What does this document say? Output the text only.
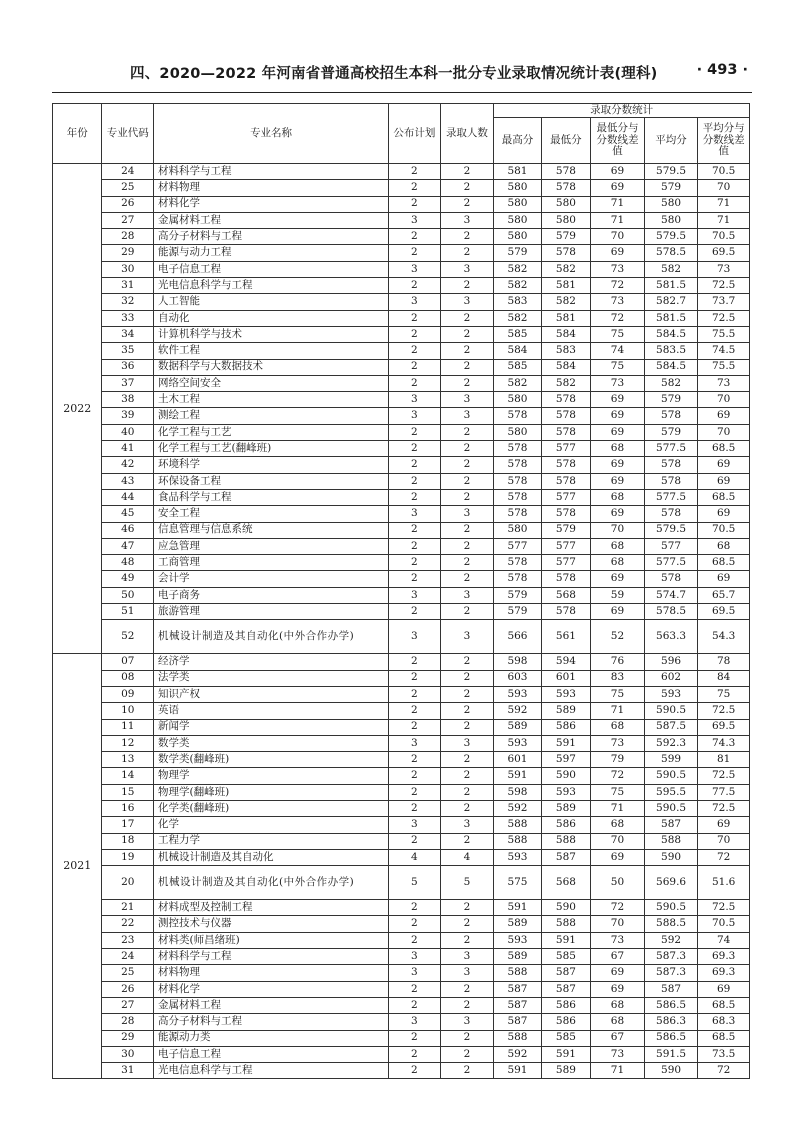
四、2020—2022 年河南省普通高校招生本科一批分专业录取情况统计表(理科)	· 493 ·
年份	专业代码	专业名称	公布计划	录取人数	录取分数统计				
					最高分	最低分	最低分与分数线差值	平均分	平均分与分数线差值
2022	24	材料科学与工程	2	2	581	578	69	579.5	70.5
	25	材料物理	2	2	580	578	69	579	70
	26	材料化学	2	2	580	580	71	580	71
	27	金属材料工程	3	3	580	580	71	580	71
	28	高分子材料与工程	2	2	580	579	70	579.5	70.5
	29	能源与动力工程	2	2	579	578	69	578.5	69.5
	30	电子信息工程	3	3	582	582	73	582	73
	31	光电信息科学与工程	2	2	582	581	72	581.5	72.5
	32	人工智能	3	3	583	582	73	582.7	73.7
	33	自动化	2	2	582	581	72	581.5	72.5
	34	计算机科学与技术	2	2	585	584	75	584.5	75.5
	35	软件工程	2	2	584	583	74	583.5	74.5
	36	数据科学与大数据技术	2	2	585	584	75	584.5	75.5
	37	网络空间安全	2	2	582	582	73	582	73
	38	土木工程	3	3	580	578	69	579	70
	39	测绘工程	3	3	578	578	69	578	69
	40	化学工程与工艺	2	2	580	578	69	579	70
	41	化学工程与工艺(翻峰班)	2	2	578	577	68	577.5	68.5
	42	环境科学	2	2	578	578	69	578	69
	43	环保设备工程	2	2	578	578	69	578	69
	44	食品科学与工程	2	2	578	577	68	577.5	68.5
	45	安全工程	3	3	578	578	69	578	69
	46	信息管理与信息系统	2	2	580	579	70	579.5	70.5
	47	应急管理	2	2	577	577	68	577	68
	48	工商管理	2	2	578	577	68	577.5	68.5
	49	会计学	2	2	578	578	69	578	69
	50	电子商务	3	3	579	568	59	574.7	65.7
	51	旅游管理	2	2	579	578	69	578.5	69.5
	52	机械设计制造及其自动化(中外合作办学)	3	3	566	561	52	563.3	54.3
2021	07	经济学	2	2	598	594	76	596	78
	08	法学类	2	2	603	601	83	602	84
	09	知识产权	2	2	593	593	75	593	75
	10	英语	2	2	592	589	71	590.5	72.5
	11	新闻学	2	2	589	586	68	587.5	69.5
	12	数学类	3	3	593	591	73	592.3	74.3
	13	数学类(翻峰班)	2	2	601	597	79	599	81
	14	物理学	2	2	591	590	72	590.5	72.5
	15	物理学(翻峰班)	2	2	598	593	75	595.5	77.5
	16	化学类(翻峰班)	2	2	592	589	71	590.5	72.5
	17	化学	3	3	588	586	68	587	69
	18	工程力学	2	2	588	588	70	588	70
	19	机械设计制造及其自动化	4	4	593	587	69	590	72
	20	机械设计制造及其自动化(中外合作办学)	5	5	575	568	50	569.6	51.6
	21	材料成型及控制工程	2	2	591	590	72	590.5	72.5
	22	测控技术与仪器	2	2	589	588	70	588.5	70.5
	23	材料类(师昌绪班)	2	2	593	591	73	592	74
	24	材料科学与工程	3	3	589	585	67	587.3	69.3
	25	材料物理	3	3	588	587	69	587.3	69.3
	26	材料化学	2	2	587	587	69	587	69
	27	金属材料工程	2	2	587	586	68	586.5	68.5
	28	高分子材料与工程	3	3	587	586	68	586.3	68.3
	29	能源动力类	2	2	588	585	67	586.5	68.5
	30	电子信息工程	2	2	592	591	73	591.5	73.5
	31	光电信息科学与工程	2	2	591	589	71	590	72
